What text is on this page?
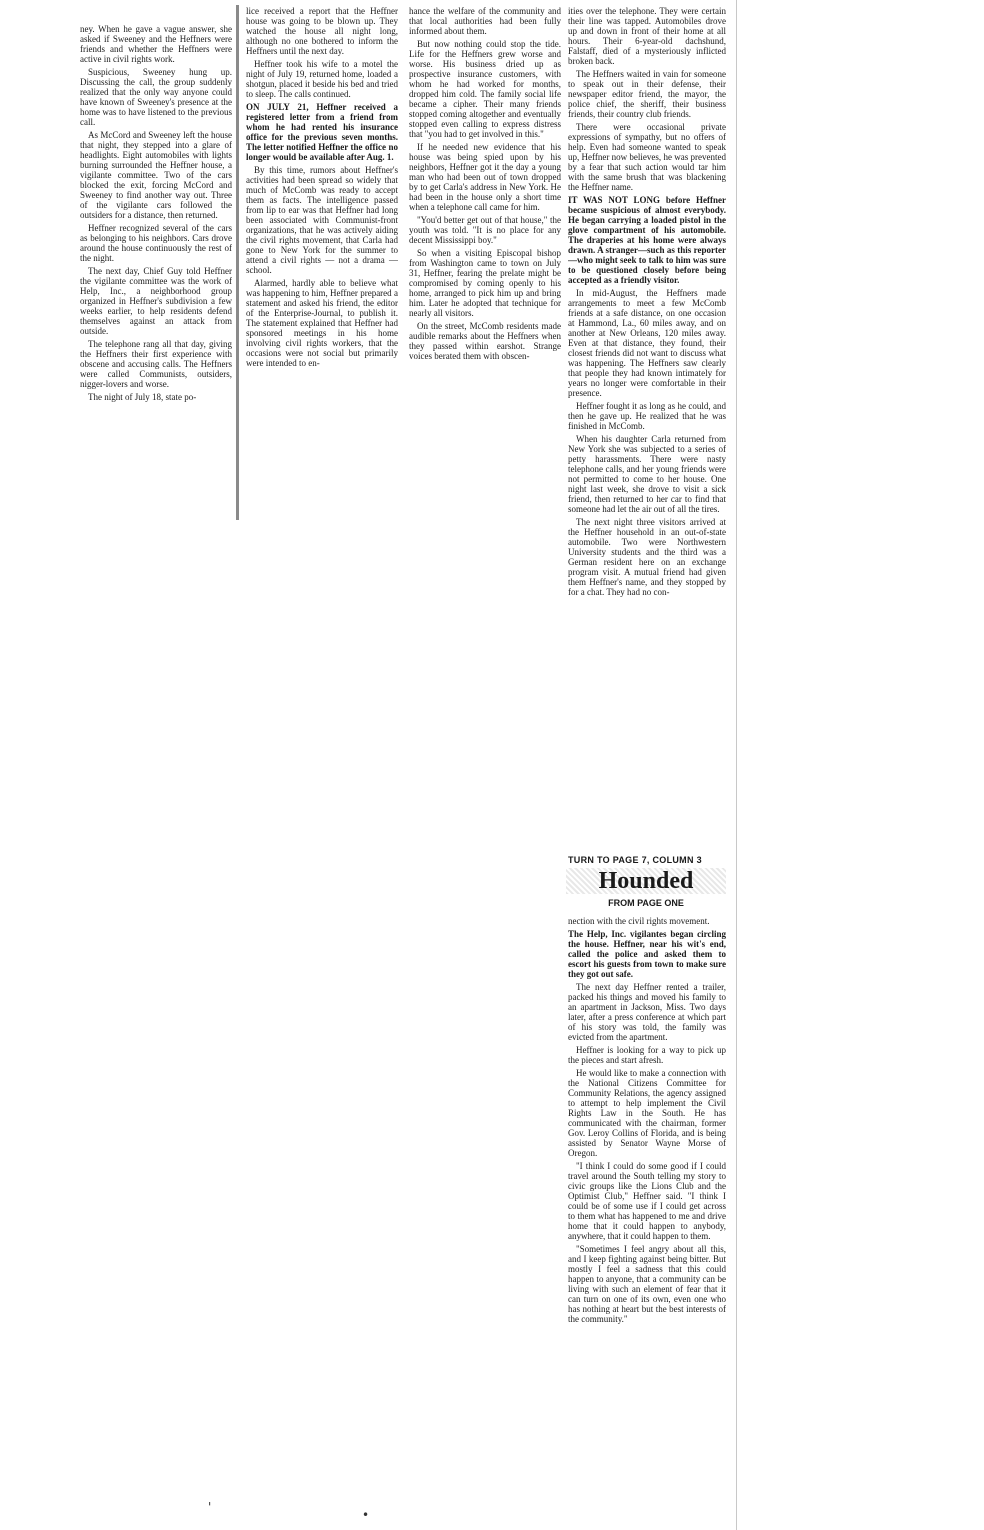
ney. When he gave a vague answer, she asked if Sweeney and the Heffners were friends and whether the Heffners were active in civil rights work.

Suspicious, Sweeney hung up. Discussing the call, the group suddenly realized that the only way anyone could have known of Sweeney's presence at the home was to have listened to the previous call.

As McCord and Sweeney left the house that night, they stepped into a glare of headlights. Eight automobiles with lights burning surrounded the Heffner house, a vigilante committee. Two of the cars blocked the exit, forcing McCord and Sweeney to find another way out. Three of the vigilante cars followed the outsiders for a distance, then returned.

Heffner recognized several of the cars as belonging to his neighbors. Cars drove around the house continuously the rest of the night.

The next day, Chief Guy told Heffner the vigilante committee was the work of Help, Inc., a neighborhood group organized in Heffner's subdivision a few weeks earlier, to help residents defend themselves against an attack from outside.

The telephone rang all that day, giving the Heffners their first experience with obscene and accusing calls. The Heffners were called Communists, outsiders, nigger-lovers and worse.

The night of July 18, state po-

lice received a report that the Heffner house was going to be blown up. They watched the house all night long, although no one bothered to inform the Heffners until the next day.

Heffner took his wife to a motel the night of July 19, returned home, loaded a shotgun, placed it beside his bed and tried to sleep. The calls continued.

ON JULY 21, Heffner received a registered letter from a friend from whom he had rented his insurance office for the previous seven months. The letter notified Heffner the office no longer would be available after Aug. 1.

By this time, rumors about Heffner's activities had been spread so widely that much of McComb was ready to accept them as facts. The intelligence passed from lip to ear was that Heffner had long been associated with Communist-front organizations, that he was actively aiding the civil rights movement, that Carla had gone to New York for the summer to attend a civil rights — not a drama — school.

Alarmed, hardly able to believe what was happening to him, Heffner prepared a statement and asked his friend, the editor of the Enterprise-Journal, to publish it. The statement explained that Heffner had sponsored meetings in his home involving civil rights workers, that the occasions were not social but primarily were intended to en-

hance the welfare of the community and that local authorities had been fully informed about them.

But now nothing could stop the tide. Life for the Heffners grew worse and worse. His business dried up as prospective insurance customers, with whom he had worked for months, dropped him cold. The family social life became a cipher. Their many friends stopped coming altogether and eventually stopped even calling to express distress that "you had to get involved in this."

If he needed new evidence that his house was being spied upon by his neighbors, Heffner got it the day a young man who had been out of town dropped by to get Carla's address in New York. He had been in the house only a short time when a telephone call came for him.

"You'd better get out of that house," the youth was told. "It is no place for any decent Mississippi boy."

So when a visiting Episcopal bishop from Washington came to town on July 31, Heffner, fearing the prelate might be compromised by coming openly to his home, arranged to pick him up and bring him. Later he adopted that technique for nearly all visitors.

On the street, McComb residents made audible remarks about the Heffners when they passed within earshot. Strange voices berated them with obscen-

ities over the telephone. They were certain their line was tapped. Automobiles drove up and down in front of their home at all hours. Their 6-year-old dachshund, Falstaff, died of a mysteriously inflicted broken back.

The Heffners waited in vain for someone to speak out in their defense, their newspaper editor friend, the mayor, the police chief, the sheriff, their business friends, their country club friends.

There were occasional private expressions of sympathy, but no offers of help. Even had someone wanted to speak up, Heffner now believes, he was prevented by a fear that such action would tar him with the same brush that was blackening the Heffner name.

IT WAS NOT LONG before Heffner became suspicious of almost everybody. He began carrying a loaded pistol in the glove compartment of his automobile. The draperies at his home were always drawn. A stranger—such as this reporter—who might seek to talk to him was sure to be questioned closely before being accepted as a friendly visitor.

In mid-August, the Heffners made arrangements to meet a few McComb friends at a safe distance, on one occasion at Hammond, La., 60 miles away, and on another at New Orleans, 120 miles away. Even at that distance, they found, their closest friends did not want to discuss what was happening. The Heffners saw clearly that people they had known intimately for years no longer were comfortable in their presence.

Heffner fought it as long as he could, and then he gave up. He realized that he was finished in McComb.

When his daughter Carla returned from New York she was subjected to a series of petty harassments. There were nasty telephone calls, and her young friends were not permitted to come to her house. One night last week, she drove to visit a sick friend, then returned to her car to find that someone had let the air out of all the tires.

The next night three visitors arrived at the Heffner household in an out-of-state automobile. Two were Northwestern University students and the third was a German resident here on an exchange program visit. A mutual friend had given them Heffner's name, and they stopped by for a chat. They had no con-

TURN TO PAGE 7, COLUMN 3
Hounded
FROM PAGE ONE

nection with the civil rights movement.

The Help, Inc. vigilantes began circling the house. Heffner, near his wit's end, called the police and asked them to escort his guests from town to make sure they got out safe.

The next day Heffner rented a trailer, packed his things and moved his family to an apartment in Jackson, Miss. Two days later, after a press conference at which part of his story was told, the family was evicted from the apartment.

Heffner is looking for a way to pick up the pieces and start afresh.

He would like to make a connection with the National Citizens Committee for Community Relations, the agency assigned to attempt to help implement the Civil Rights Law in the South. He has communicated with the chairman, former Gov. Leroy Collins of Florida, and is being assisted by Senator Wayne Morse of Oregon.

"I think I could do some good if I could travel around the South telling my story to civic groups like the Lions Club and the Optimist Club," Heffner said. "I think I could be of some use if I could get across to them what has happened to me and drive home that it could happen to anybody, anywhere, that it could happen to them.

"Sometimes I feel angry about all this, and I keep fighting against being bitter. But mostly I feel a sadness that this could happen to anyone, that a community can be living with such an element of fear that it can turn on one of its own, even one who has nothing at heart but the best interests of the community."

'
•
